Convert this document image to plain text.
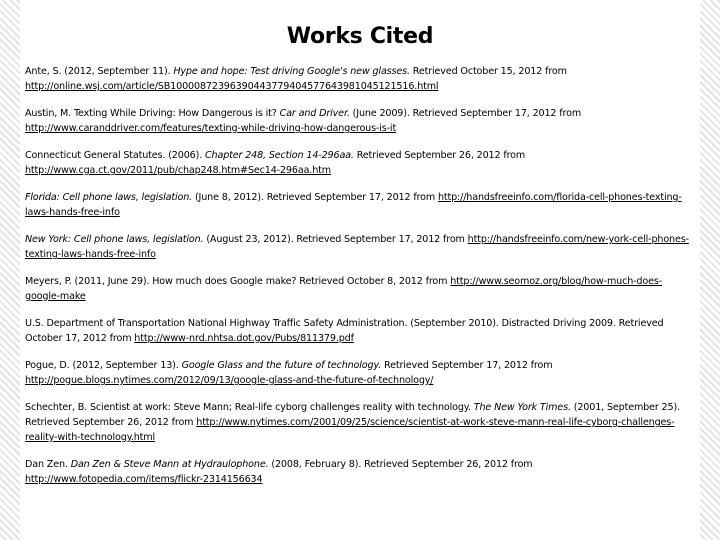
Works Cited
Ante, S. (2012, September 11). Hype and hope: Test driving Google's new glasses. Retrieved October 15, 2012 from http://online.wsj.com/article/SB10000872396390443779404577643981045121516.html
Austin, M. Texting While Driving: How Dangerous is it? Car and Driver. (June 2009). Retrieved September 17, 2012 from http://www.caranddriver.com/features/texting-while-driving-how-dangerous-is-it
Connecticut General Statutes. (2006). Chapter 248, Section 14-296aa. Retrieved September 26, 2012 from http://www.cga.ct.gov/2011/pub/chap248.htm#Sec14-296aa.htm
Florida: Cell phone laws, legislation. (June 8, 2012). Retrieved September 17, 2012 from http://handsfreeinfo.com/florida-cell-phones-texting-laws-hands-free-info
New York: Cell phone laws, legislation. (August 23, 2012). Retrieved September 17, 2012 from http://handsfreeinfo.com/new-york-cell-phones-texting-laws-hands-free-info
Meyers, P. (2011, June 29). How much does Google make? Retrieved October 8, 2012 from http://www.seomoz.org/blog/how-much-does-google-make
U.S. Department of Transportation National Highway Traffic Safety Administration. (September 2010). Distracted Driving 2009. Retrieved October 17, 2012 from http://www-nrd.nhtsa.dot.gov/Pubs/811379.pdf
Pogue, D. (2012, September 13). Google Glass and the future of technology. Retrieved September 17, 2012 from http://pogue.blogs.nytimes.com/2012/09/13/google-glass-and-the-future-of-technology/
Schechter, B. Scientist at work: Steve Mann; Real-life cyborg challenges reality with technology. The New York Times. (2001, September 25). Retrieved September 26, 2012 from http://www.nytimes.com/2001/09/25/science/scientist-at-work-steve-mann-real-life-cyborg-challenges-reality-with-technology.html
Dan Zen. Dan Zen & Steve Mann at Hydraulophone. (2008, February 8). Retrieved September 26, 2012 from http://www.fotopedia.com/items/flickr-2314156634
